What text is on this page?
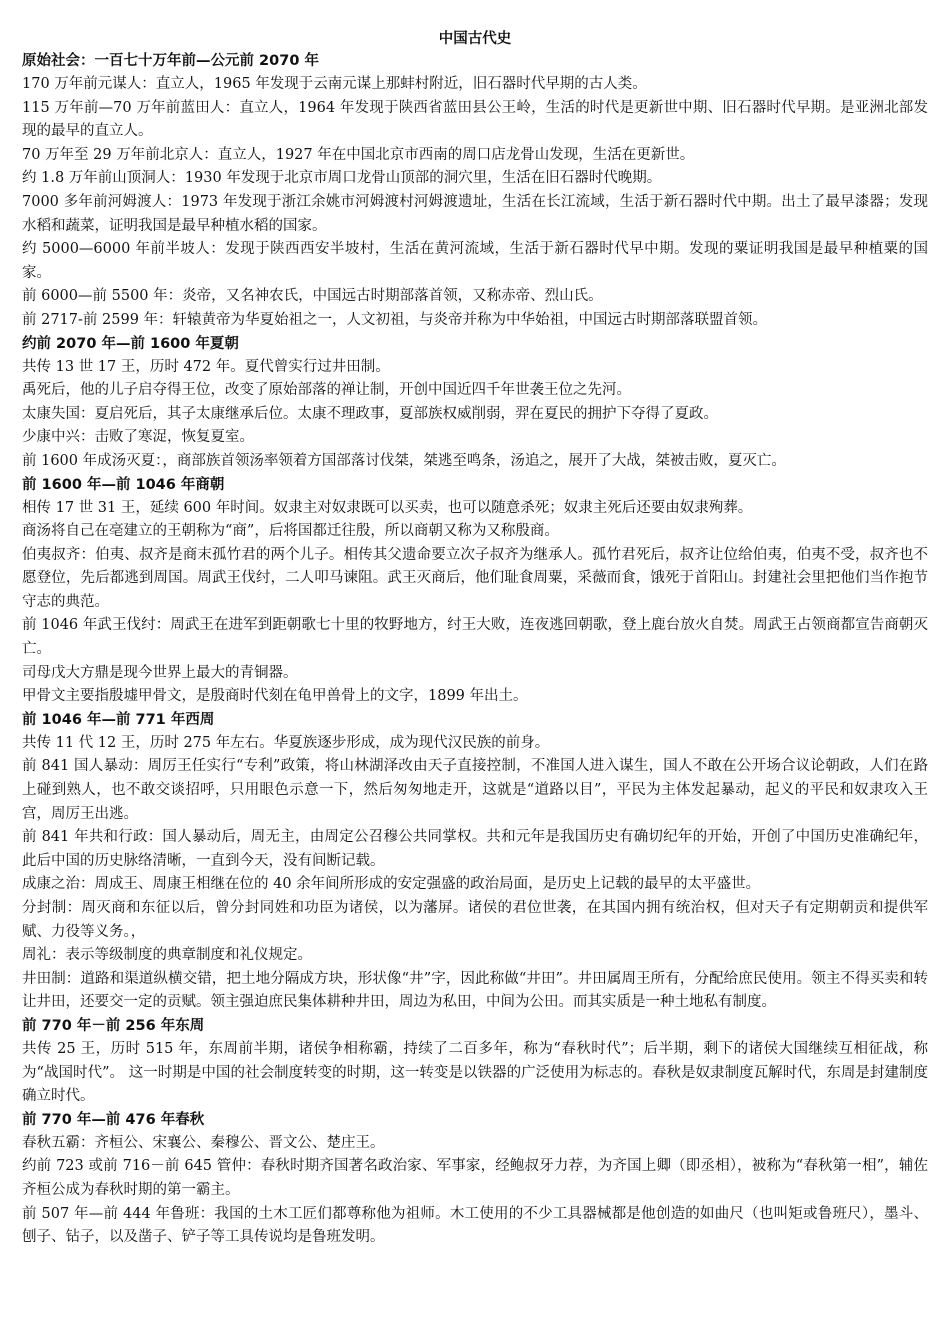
中国古代史
原始社会：一百七十万年前—公元前 2070 年
170 万年前元谋人：直立人，1965 年发现于云南元谋上那蚌村附近，旧石器时代早期的古人类。
115 万年前—70 万年前蓝田人：直立人，1964 年发现于陕西省蓝田县公王岭，生活的时代是更新世中期、旧石器时代早期。是亚洲北部发现的最早的直立人。
70 万年至 29 万年前北京人：直立人，1927 年在中国北京市西南的周口店龙骨山发现，生活在更新世。
约 1.8 万年前山顶洞人：1930 年发现于北京市周口龙骨山顶部的洞穴里，生活在旧石器时代晚期。
7000 多年前河姆渡人：1973 年发现于浙江余姚市河姆渡村河姆渡遗址，生活在长江流域，生活于新石器时代中期。出土了最早漆器；发现水稻和蔬菜，证明我国是最早种植水稻的国家。
约 5000—6000 年前半坡人：发现于陕西西安半坡村，生活在黄河流域，生活于新石器时代早中期。发现的粟证明我国是最早种植粟的国家。
前 6000—前 5500 年：炎帝，又名神农氏，中国远古时期部落首领，又称赤帝、烈山氏。
前 2717-前 2599 年：轩辕黄帝为华夏始祖之一，人文初祖，与炎帝并称为中华始祖，中国远古时期部落联盟首领。
约前 2070 年—前 1600 年夏朝
共传 13 世 17 王，历时 472 年。夏代曾实行过井田制。
禹死后，他的儿子启夺得王位，改变了原始部落的禅让制，开创中国近四千年世袭王位之先河。
太康失国：夏启死后，其子太康继承后位。太康不理政事，夏部族权威削弱，羿在夏民的拥护下夺得了夏政。
少康中兴：击败了寒浞，恢复夏室。
前 1600 年成汤灭夏：，商部族首领汤率领着方国部落讨伐桀，桀逃至鸣条，汤追之，展开了大战，桀被击败，夏灭亡。
前 1600 年—前 1046 年商朝
相传 17 世 31 王，延续 600 年时间。奴隶主对奴隶既可以买卖，也可以随意杀死；奴隶主死后还要由奴隶殉葬。
商汤将自己在亳建立的王朝称为“商”，后将国都迁往殷，所以商朝又称为又称殷商。
伯夷叔齐：伯夷、叔齐是商末孤竹君的两个儿子。相传其父遗命要立次子叔齐为继承人。孤竹君死后，叔齐让位给伯夷，伯夷不受，叔齐也不愿登位，先后都逃到周国。周武王伐纣，二人叩马谏阻。武王灭商后，他们耻食周粟，采薇而食，饿死于首阳山。封建社会里把他们当作抱节守志的典范。
前 1046 年武王伐纣：周武王在进军到距朝歌七十里的牧野地方，纣王大败，连夜逃回朝歌，登上鹿台放火自焚。周武王占领商都宣告商朝灭亡。
司母戊大方鼎是现今世界上最大的青铜器。
甲骨文主要指殷墟甲骨文，是殷商时代刻在龟甲兽骨上的文字，1899 年出土。
前 1046 年—前 771 年西周
共传 11 代 12 王，历时 275 年左右。华夏族逐步形成，成为现代汉民族的前身。
前 841 国人暴动：周厉王任实行“专利”政策，将山林湖泽改由天子直接控制，不准国人进入谋生，国人不敢在公开场合议论朝政，人们在路上碰到熟人，也不敢交谈招呼，只用眼色示意一下，然后匆匆地走开，这就是“道路以目”，平民为主体发起暴动，起义的平民和奴隶攻入王宫，周厉王出逃。
前 841 年共和行政：国人暴动后，周无主，由周定公召穆公共同掌权。共和元年是我国历史有确切纪年的开始，开创了中国历史准确纪年，此后中国的历史脉络清晰，一直到今天，没有间断记载。
成康之治：周成王、周康王相继在位的 40 余年间所形成的安定强盛的政治局面，是历史上记载的最早的太平盛世。
分封制：周灭商和东征以后，曾分封同姓和功臣为诸侯，以为藩屏。诸侯的君位世袭，在其国内拥有统治权，但对天子有定期朝贡和提供军赋、力役等义务。，
周礼：表示等级制度的典章制度和礼仪规定。
井田制：道路和渠道纵横交错，把土地分隔成方块，形状像“井”字，因此称做“井田”。井田属周王所有，分配给庶民使用。领主不得买卖和转让井田，还要交一定的贡赋。领主强迫庶民集体耕种井田，周边为私田，中间为公田。而其实质是一种土地私有制度。
前 770 年－前 256 年东周
共传 25 王，历时 515 年，东周前半期，诸侯争相称霸，持续了二百多年，称为“春秋时代”；后半期，剩下的诸侯大国继续互相征战，称为“战国时代”。 这一时期是中国的社会制度转变的时期，这一转变是以铁器的广泛使用为标志的。春秋是奴隶制度瓦解时代，东周是封建制度确立时代。
前 770 年—前 476 年春秋
春秋五霸：齐桓公、宋襄公、秦穆公、晋文公、楚庄王。
约前 723 或前 716－前 645 管仲：春秋时期齐国著名政治家、军事家，经鲍叔牙力荐，为齐国上卿（即丞相），被称为“春秋第一相”，辅佐齐桓公成为春秋时期的第一霸主。
前 507 年—前 444 年鲁班：我国的土木工匠们都尊称他为祖师。木工使用的不少工具器械都是他创造的如曲尺（也叫矩或鲁班尺），墨斗、刨子、钻子，以及凿子、铲子等工具传说均是鲁班发明。
